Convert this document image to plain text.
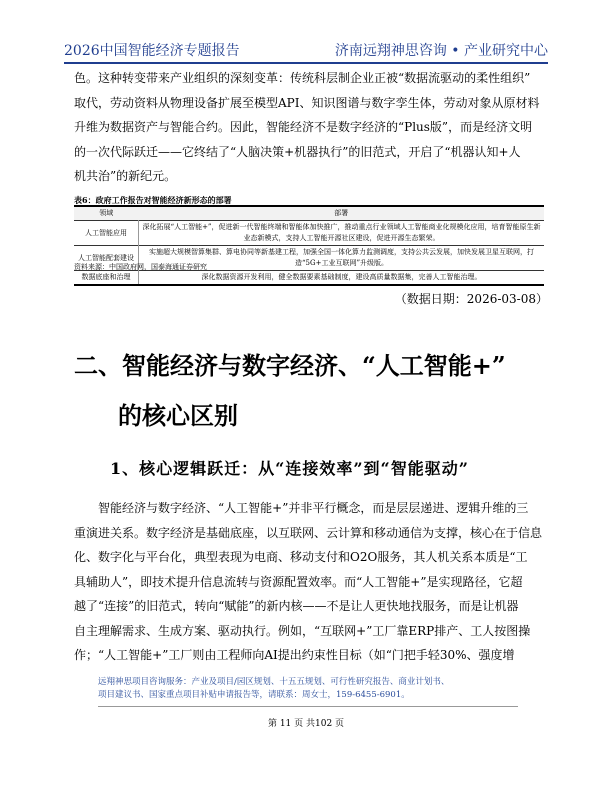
2026中国智能经济专题报告	济南远翔神思咨询 • 产业研究中心
色。这种转变带来产业组织的深刻变革：传统科层制企业正被“数据流驱动的柔性组织”
取代，劳动资料从物理设备扩展至模型API、知识图谱与数字孪生体，劳动对象从原材料
升维为数据资产与智能合约。因此，智能经济不是数字经济的“Plus版”，而是经济文明
的一次代际跃迁——它终结了“人脑决策+机器执行”的旧范式，开启了“机器认知+人
机共治”的新纪元。
表6：政府工作报告对智能经济新形态的部署
领域	部署
人工智能应用	深化拓展“人工智能+”，促进新一代智能终端和智能体加快推广，推动重点行业领域人工智能商业化规模化应用，培育智能原生新业态新模式，支持人工智能开源社区建设，促进开源生态繁荣。
人工智能配套建设	实施超大规模智算集群、算电协同等新基建工程，加强全国一体化算力监测调度，支持公共云发展，加快发展卫星互联网，打造“5G+工业互联网”升级版。
数据底座和治理	深化数据资源开发利用，健全数据要素基础制度，建设高质量数据集，完善人工智能治理。
资料来源：中国政府网，国泰海通证券研究
（数据日期：2026-03-08）
二、智能经济与数字经济、“人工智能+”
的核心区别
1、核心逻辑跃迁：从“连接效率”到“智能驱动”
　　智能经济与数字经济、“人工智能+”并非平行概念，而是层层递进、逻辑升维的三
重演进关系。数字经济是基础底座，以互联网、云计算和移动通信为支撑，核心在于信息
化、数字化与平台化，典型表现为电商、移动支付和O2O服务，其人机关系本质是“工
具辅助人”，即技术提升信息流转与资源配置效率。而“人工智能+”是实现路径，它超
越了“连接”的旧范式，转向“赋能”的新内核——不是让人更快地找服务，而是让机器
自主理解需求、生成方案、驱动执行。例如，“互联网+”工厂靠ERP排产、工人按图操
作；“人工智能+”工厂则由工程师向AI提出约束性目标（如“门把手轻30%、强度增
远翔神思项目咨询服务：产业及项目/园区规划、十五五规划、可行性研究报告、商业计划书、
项目建议书、国家重点项目补贴申请报告等，请联系：周女士，159-6455-6901。
第 11 页 共102 页
